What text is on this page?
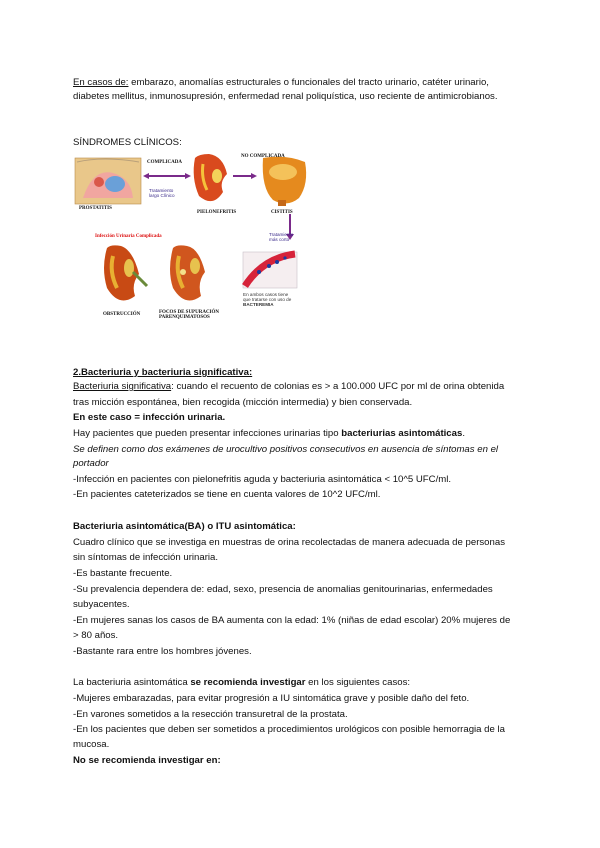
En casos de: embarazo, anomalías estructurales o funcionales del tracto urinario, catéter urinario,
diabetes mellitus, inmunosupresión, enfermedad renal poliquística, uso reciente de antimicrobianos.
SÍNDROMES CLÍNICOS:
COMPLICADA
NO COMPLICADA
PROSTATITIS
PIELONEFRITIS	CISTITIS
Tratamiento
largo Clínico
Tratamiento
más corto
Infección Urinaria Complicada
OBSTRUCCIÓN	FOCOS DE SUPURACIÓN
PARENQUIMATOSOS
En ambos casos tiene
que tratarse con uso de
BACTEREMIA
2.Bacteriuria y bacteriuria significativa:
Bacteriuria significativa: cuando el recuento de colonias es > a 100.000 UFC por ml de orina obtenida
tras micción espontánea, bien recogida (micción intermedia) y bien conservada.
En este caso = infección urinaria.
Hay pacientes que pueden presentar infecciones urinarias tipo bacteriurias asintomáticas.
Se definen como dos exámenes de urocultivo positivos consecutivos en ausencia de síntomas en el
portador
-Infección en pacientes con pielonefritis aguda y bacteriuria asintomática < 10^5 UFC/ml.
-En pacientes cateterizados se tiene en cuenta valores de 10^2 UFC/ml.
Bacteriuria asintomática(BA) o ITU asintomática:
Cuadro clínico que se investiga en muestras de orina recolectadas de manera adecuada de personas
sin síntomas de infección urinaria.
-Es bastante frecuente.
-Su prevalencia dependera de: edad, sexo, presencia de anomalias genitourinarias, enfermedades
subyacentes.
-En mujeres sanas los casos de BA aumenta con la edad: 1% (niñas de edad escolar) 20% mujeres de
> 80 años.
-Bastante rara entre los hombres jóvenes.
La bacteriuria asintomática se recomienda investigar en los siguientes casos:
-Mujeres embarazadas, para evitar progresión a IU sintomática grave y posible daño del feto.
-En varones sometidos a la resección transuretral de la prostata.
-En los pacientes que deben ser sometidos a procedimientos urológicos con posible hemorragia de la
mucosa.
No se recomienda investigar en:
